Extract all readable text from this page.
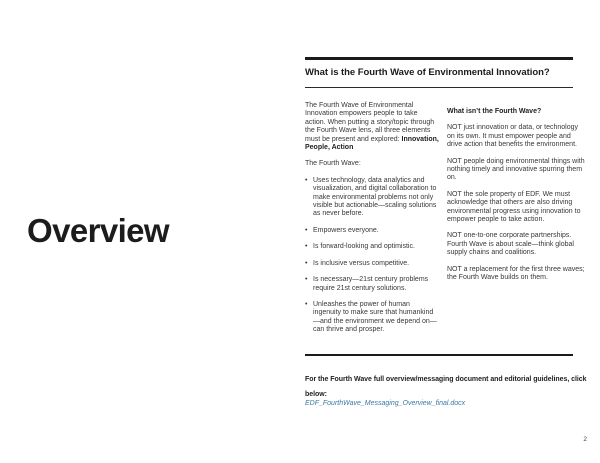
Overview
What is the Fourth Wave of Environmental Innovation?

The Fourth Wave of Environmental Innovation empowers people to take action. When putting a story/topic through the Fourth Wave lens, all three elements must be present and explored: Innovation, People, Action

The Fourth Wave:

• Uses technology, data analytics and visualization, and digital collaboration to make environmental problems not only visible but actionable—scaling solutions as never before.
• Empowers everyone.
• Is forward-looking and optimistic.
• Is inclusive versus competitive.
• Is necessary—21st century problems require 21st century solutions.
• Unleashes the power of human ingenuity to make sure that humankind—and the environment we depend on—can thrive and prosper.
What isn’t the Fourth Wave?

NOT just innovation or data, or technology on its own. It must empower people and drive action that benefits the environment.

NOT people doing environmental things with nothing timely and innovative spurring them on.

NOT the sole property of EDF. We must acknowledge that others are also driving environmental progress using innovation to empower people to take action.

NOT one-to-one corporate partnerships. Fourth Wave is about scale—think global supply chains and coalitions.

NOT a replacement for the first three waves; the Fourth Wave builds on them.

For the Fourth Wave full overview/messaging document and editorial guidelines, click below:
EDF_FourthWave_Messaging_Overview_final.docx
2
